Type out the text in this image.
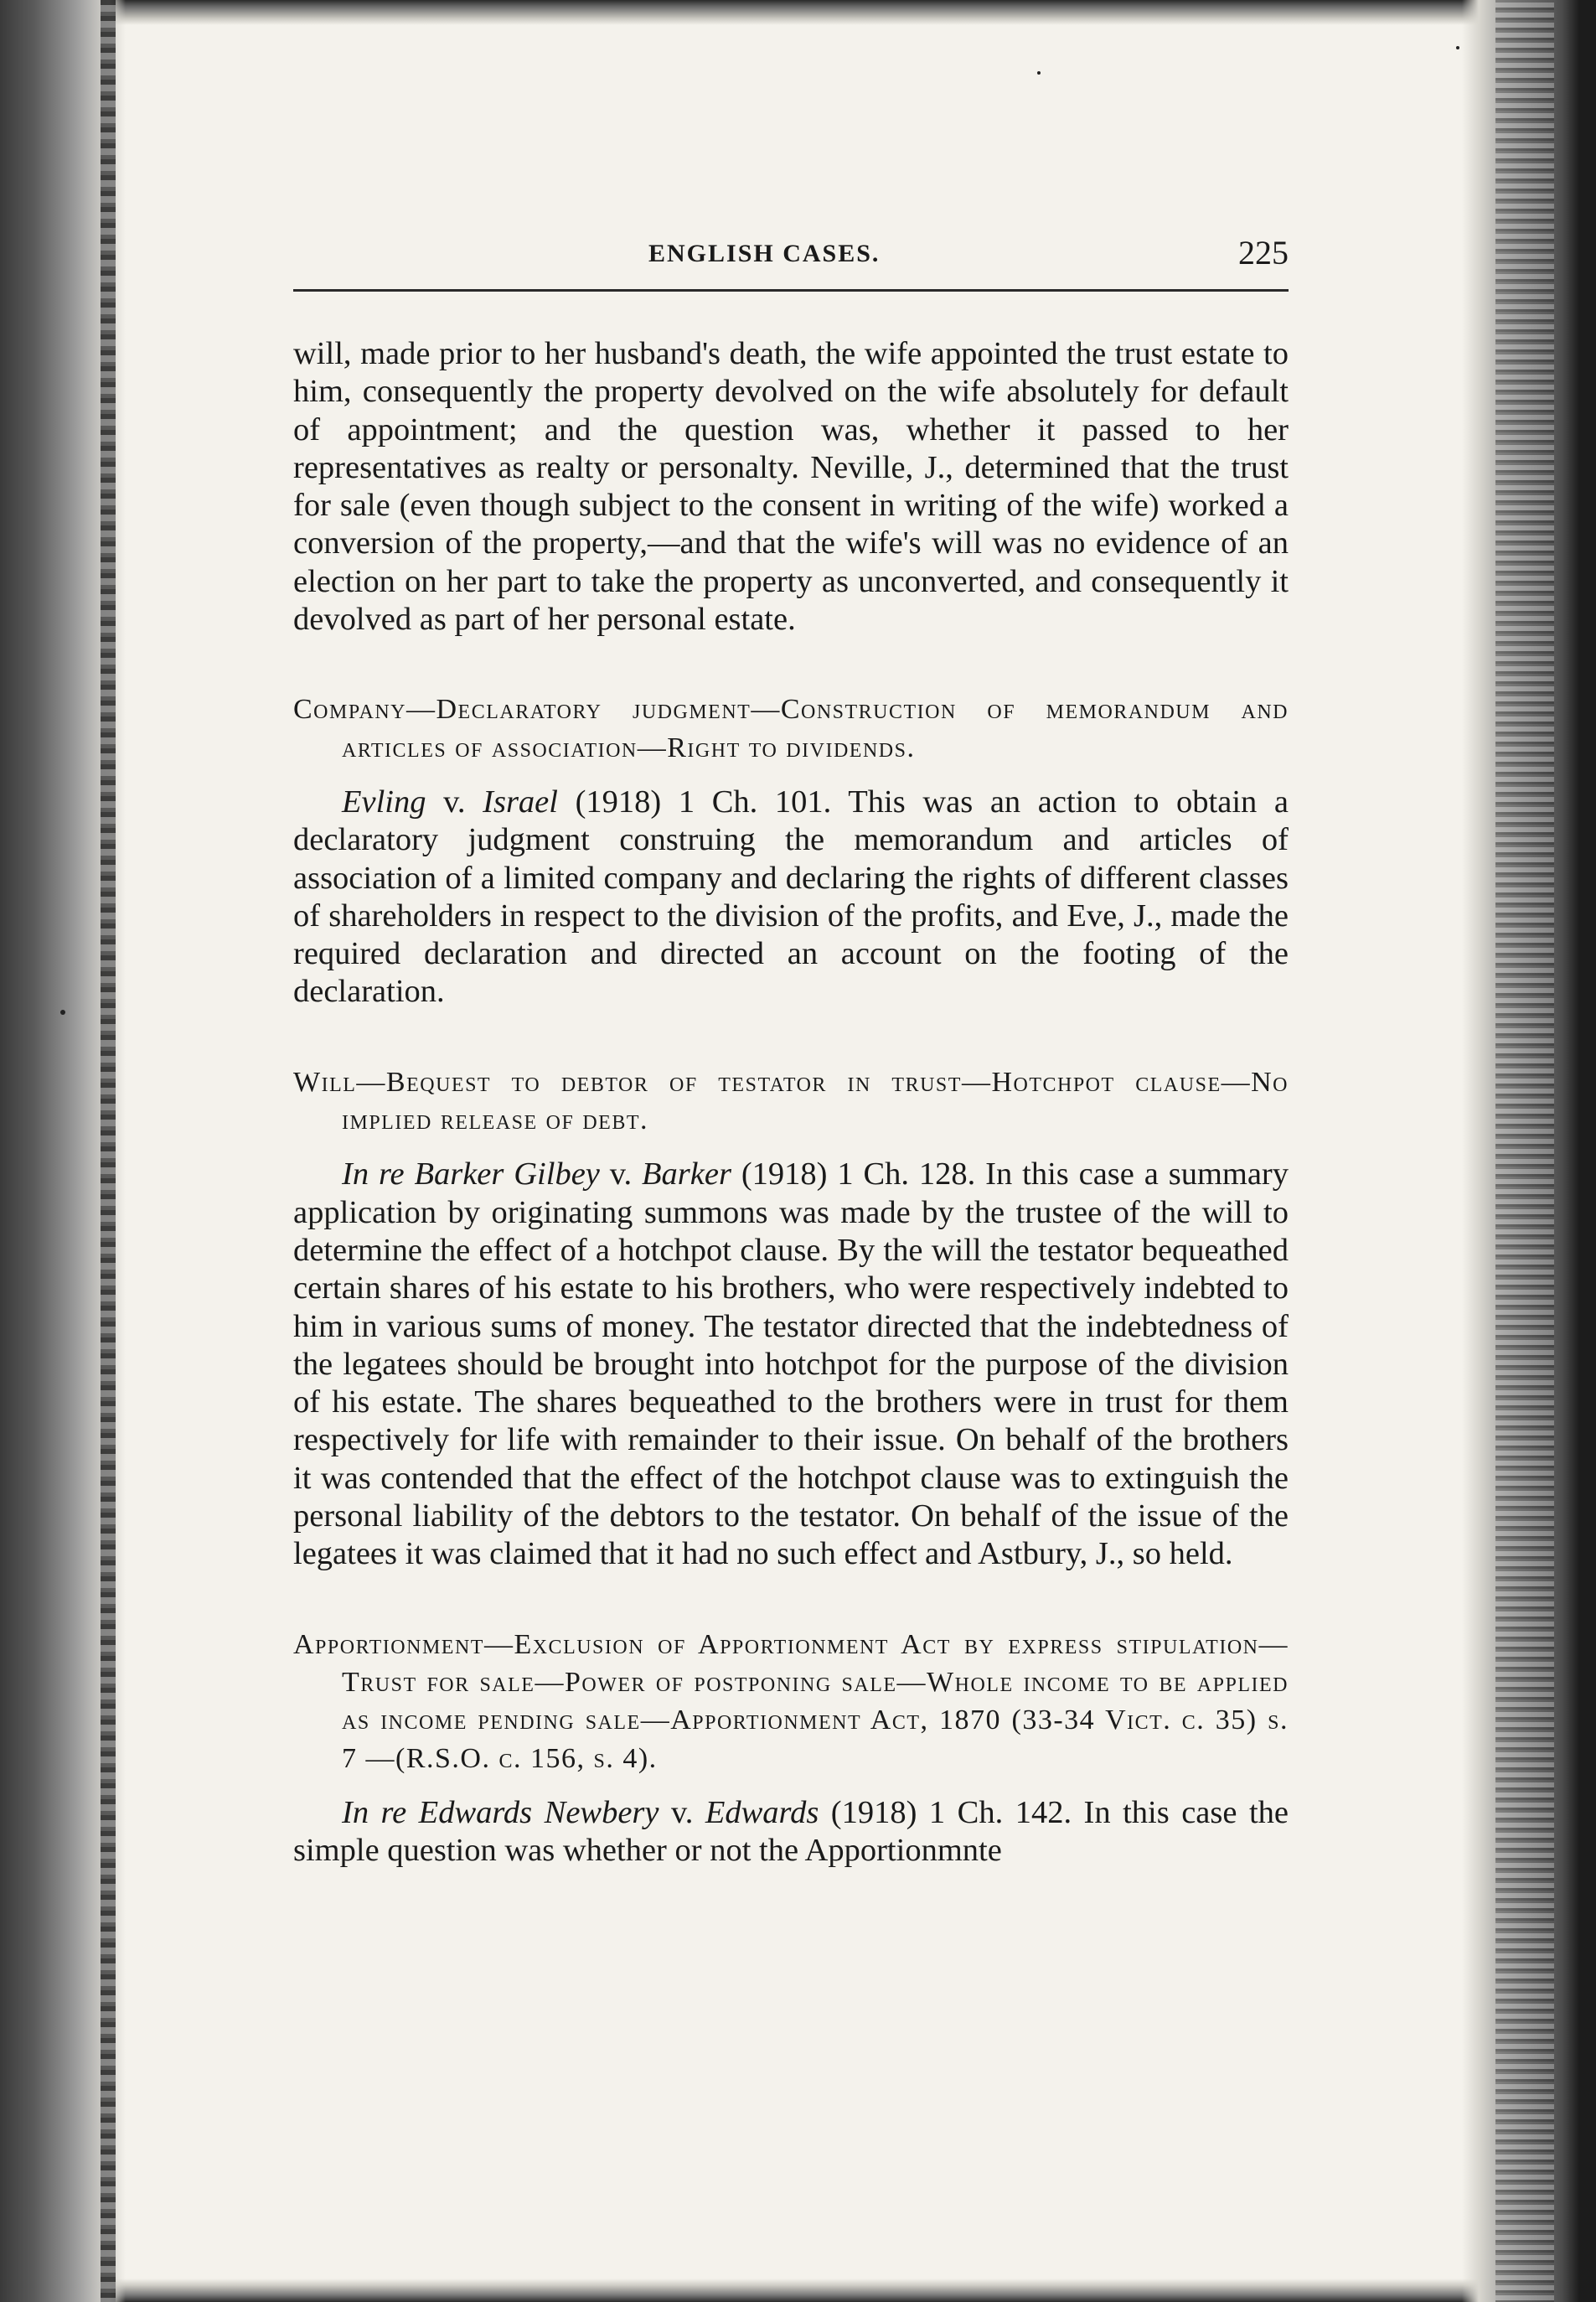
ENGLISH CASES.	225

will, made prior to her husband's death, the wife appointed the trust estate to him, consequently the property devolved on the wife absolutely for default of appointment; and the question was, whether it passed to her representatives as realty or personalty. Neville, J., determined that the trust for sale (even though subject to the consent in writing of the wife) worked a conversion of the property,—and that the wife's will was no evidence of an election on her part to take the property as unconverted, and consequently it devolved as part of her personal estate.

Company—Declaratory judgment—Construction of memorandum and articles of association—Right to dividends.

Evling v. Israel (1918) 1 Ch. 101. This was an action to obtain a declaratory judgment construing the memorandum and articles of association of a limited company and declaring the rights of different classes of shareholders in respect to the division of the profits, and Eve, J., made the required declaration and directed an account on the footing of the declaration.

Will—Bequest to debtor of testator in trust—Hotchpot clause—No implied release of debt.

In re Barker Gilbey v. Barker (1918) 1 Ch. 128. In this case a summary application by originating summons was made by the trustee of the will to determine the effect of a hotchpot clause. By the will the testator bequeathed certain shares of his estate to his brothers, who were respectively indebted to him in various sums of money. The testator directed that the indebtedness of the legatees should be brought into hotchpot for the purpose of the division of his estate. The shares bequeathed to the brothers were in trust for them respectively for life with remainder to their issue. On behalf of the brothers it was contended that the effect of the hotchpot clause was to extinguish the personal liability of the debtors to the testator. On behalf of the issue of the legatees it was claimed that it had no such effect and Astbury, J., so held.

Apportionment—Exclusion of Apportionment Act by express stipulation—Trust for sale—Power of postponing sale—Whole income to be applied as income pending sale—Apportionment Act, 1870 (33-34 Vict. c. 35) s. 7 —(R.S.O. c. 156, s. 4).

In re Edwards Newbery v. Edwards (1918) 1 Ch. 142. In this case the simple question was whether or not the Apportionmnte
